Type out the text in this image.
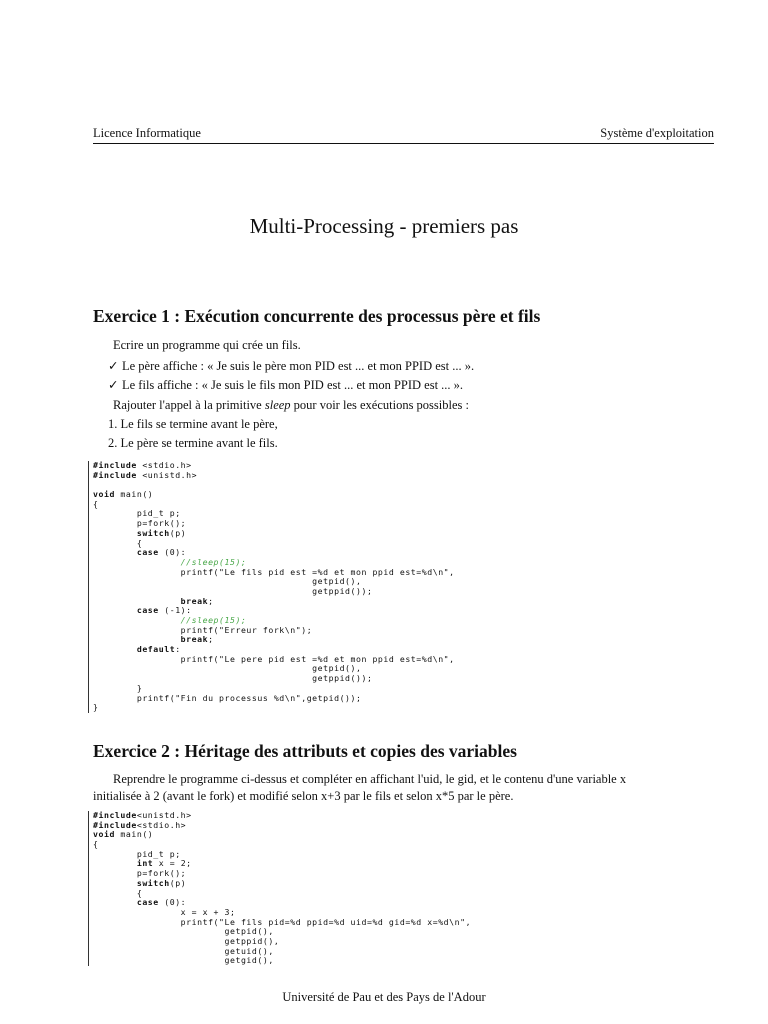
Licence Informatique	Système d'exploitation
Multi-Processing - premiers pas
Exercice 1 : Exécution concurrente des processus père et fils
Ecrire un programme qui crée un fils.
✓ Le père affiche : « Je suis le père mon PID est ... et mon PPID est ... ».
✓ Le fils affiche : « Je suis le fils mon PID est ... et mon PPID est ... ».
Rajouter l'appel à la primitive sleep pour voir les exécutions possibles :
1. Le fils se termine avant le père,
2. Le père se termine avant le fils.
#include <stdio.h>
#include <unistd.h>
void main()
{
pid_t p;
p=fork();
switch(p)
{
case (0):
//sleep(15);
printf("Le fils pid est =%d et mon ppid est=%d\n",
getpid(),
getppid());
break;
case (-1):
//sleep(15);
printf("Erreur fork\n");
break;
default:
printf("Le pere pid est =%d et mon ppid est=%d\n",
getpid(),
getppid());
}
printf("Fin du processus %d\n",getpid());
}
Exercice 2 : Héritage des attributs et copies des variables
Reprendre le programme ci-dessus et compléter en affichant l'uid, le gid, et le contenu d'une variable x
initialisée à 2 (avant le fork) et modifié selon x+3 par le fils et selon x*5 par le père.
#include<unistd.h>
#include<stdio.h>
void main()
{
pid_t p;
int x = 2;
p=fork();
switch(p)
{
case (0):
x = x + 3;
printf("Le fils pid=%d ppid=%d uid=%d gid=%d x=%d\n",
getpid(),
getppid(),
getuid(),
getgid(),
Université de Pau et des Pays de l'Adour
